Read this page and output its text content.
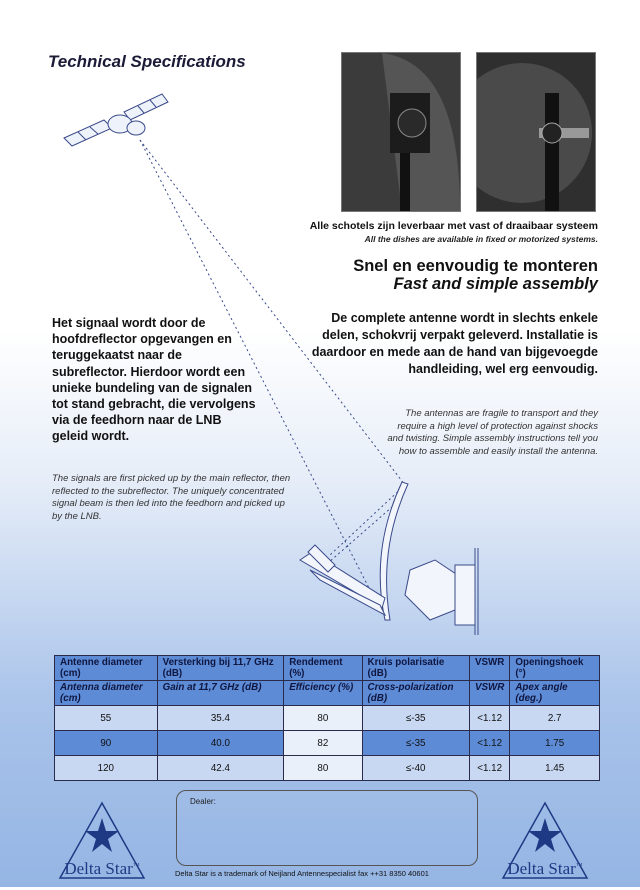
Technical Specifications
Alle schotels zijn leverbaar met vast of draaibaar systeem
All the dishes are available in fixed or motorized systems.
Snel en eenvoudig te monteren
Fast and simple assembly
De complete antenne wordt in slechts enkele delen, schokvrij verpakt geleverd. Installatie is daardoor en mede aan de hand van bijgevoegde handleiding, wel erg eenvoudig.
The antennas are fragile to transport and they require a high level of protection against shocks and twisting. Simple assembly instructions tell you how to assemble and easily install the antenna.
Het signaal wordt door de hoofdreflector opgevangen en teruggekaatst naar de subreflector. Hierdoor wordt een unieke bundeling van de signalen tot stand gebracht, die vervolgens via de feedhorn naar de LNB geleid wordt.
The signals are first picked up by the main reflector, then reflected to the subreflector. The uniquely concentrated signal beam is then led into the feedhorn and picked up by the LNB.
Antenne diameter (cm)	Versterking bij 11,7 GHz (dB)	Rendement (%)	Kruis polarisatie (dB)	VSWR	Openingshoek (°)
Antenna diameter (cm)	Gain at 11,7 GHz (dB)	Efficiency (%)	Cross-polarization (dB)	VSWR	Apex angle (deg.)
55	35.4	80	≤-35	<1.12	2.7
90	40.0	82	≤-35	<1.12	1.75
120	42.4	80	≤-40	<1.12	1.45
Dealer:
Delta Star™	Delta Star™
Delta Star is a trademark of Neijland Antennespecialist fax ++31 8350 40601
